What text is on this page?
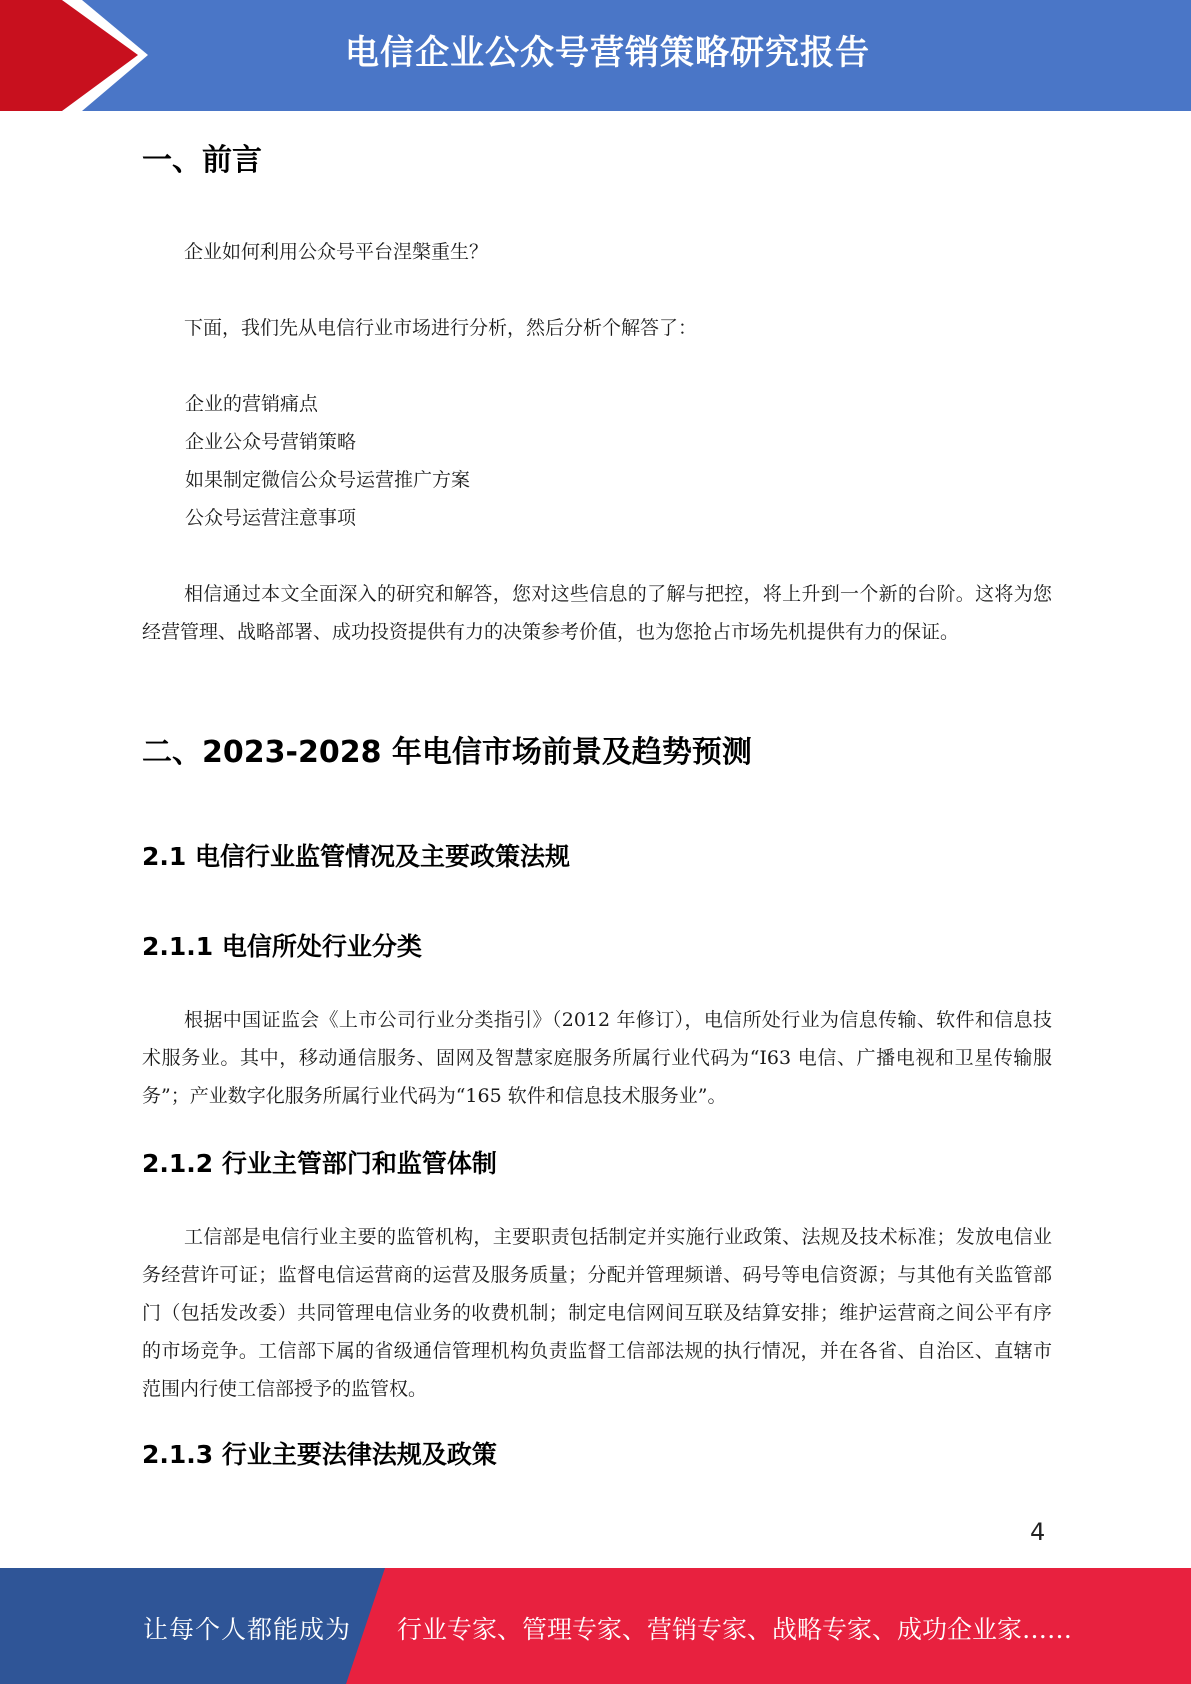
电信企业公众号营销策略研究报告
一、前言

企业如何利用公众号平台涅槃重生？

下面，我们先从电信行业市场进行分析，然后分析个解答了：

企业的营销痛点
企业公众号营销策略
如果制定微信公众号运营推广方案
公众号运营注意事项

相信通过本文全面深入的研究和解答，您对这些信息的了解与把控，将上升到一个新的台阶。这将为您经营管理、战略部署、成功投资提供有力的决策参考价值，也为您抢占市场先机提供有力的保证。

二、2023-2028 年电信市场前景及趋势预测
2.1 电信行业监管情况及主要政策法规
2.1.1 电信所处行业分类

根据中国证监会《上市公司行业分类指引》（2012 年修订），电信所处行业为信息传输、软件和信息技术服务业。其中，移动通信服务、固网及智慧家庭服务所属行业代码为“I63 电信、广播电视和卫星传输服务”；产业数字化服务所属行业代码为“165 软件和信息技术服务业”。

2.1.2 行业主管部门和监管体制

工信部是电信行业主要的监管机构，主要职责包括制定并实施行业政策、法规及技术标准；发放电信业务经营许可证；监督电信运营商的运营及服务质量；分配并管理频谱、码号等电信资源；与其他有关监管部门（包括发改委）共同管理电信业务的收费机制；制定电信网间互联及结算安排；维护运营商之间公平有序的市场竞争。工信部下属的省级通信管理机构负责监督工信部法规的执行情况，并在各省、自治区、直辖市范围内行使工信部授予的监管权。

2.1.3 行业主要法律法规及政策
4
让每个人都能成为 行业专家、管理专家、营销专家、战略专家、成功企业家……
